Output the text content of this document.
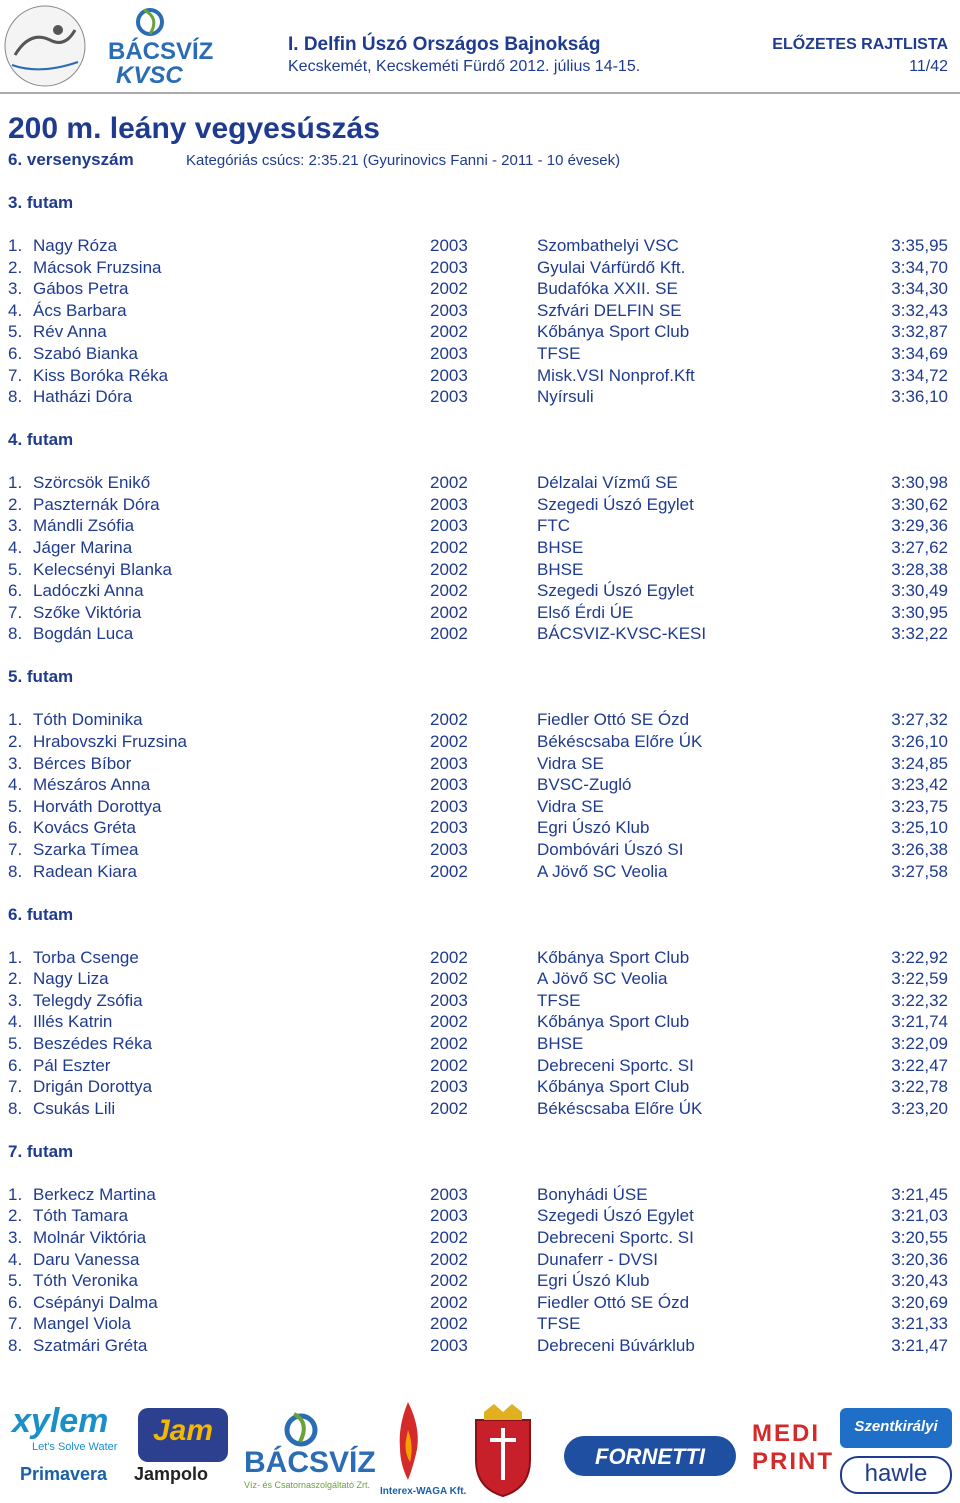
BÁCSVÍZ
KVSC
I. Delfin Úszó Országos Bajnokság	ELŐZETES RAJTLISTA
Kecskemét, Kecskeméti Fürdő 2012. július 14-15.	11/42
200 m. leány vegyesúszás
6. versenyszám	Kategóriás csúcs: 2:35.21 (Gyurinovics Fanni - 2011 - 10 évesek)
3. futam
1. Nagy Róza	2003	Szombathelyi VSC	3:35,95
2. Mácsok Fruzsina	2003	Gyulai Várfürdő Kft.	3:34,70
3. Gábos Petra	2002	Budafóka XXII. SE	3:34,30
4. Ács Barbara	2003	Szfvári DELFIN SE	3:32,43
5. Rév Anna	2002	Kőbánya Sport Club	3:32,87
6. Szabó Bianka	2003	TFSE	3:34,69
7. Kiss Boróka Réka	2003	Misk.VSI Nonprof.Kft	3:34,72
8. Hatházi Dóra	2003	Nyírsuli	3:36,10
4. futam
1. Szörcsök Enikő	2002	Délzalai Vízmű SE	3:30,98
2. Paszternák Dóra	2003	Szegedi Úszó Egylet	3:30,62
3. Mándli Zsófia	2003	FTC	3:29,36
4. Jáger Marina	2002	BHSE	3:27,62
5. Kelecsényi Blanka	2002	BHSE	3:28,38
6. Ladóczki Anna	2002	Szegedi Úszó Egylet	3:30,49
7. Szőke Viktória	2002	Első Érdi ÚE	3:30,95
8. Bogdán Luca	2002	BÁCSVIZ-KVSC-KESI	3:32,22
5. futam
1. Tóth Dominika	2002	Fiedler Ottó SE Ózd	3:27,32
2. Hrabovszki Fruzsina	2002	Békéscsaba Előre ÚK	3:26,10
3. Bérces Bíbor	2003	Vidra SE	3:24,85
4. Mészáros Anna	2003	BVSC-Zugló	3:23,42
5. Horváth Dorottya	2003	Vidra SE	3:23,75
6. Kovács Gréta	2003	Egri Úszó Klub	3:25,10
7. Szarka Tímea	2003	Dombóvári Úszó SI	3:26,38
8. Radean Kiara	2002	A Jövő SC Veolia	3:27,58
6. futam
1. Torba Csenge	2002	Kőbánya Sport Club	3:22,92
2. Nagy Liza	2002	A Jövő SC Veolia	3:22,59
3. Telegdy Zsófia	2003	TFSE	3:22,32
4. Illés Katrin	2002	Kőbánya Sport Club	3:21,74
5. Beszédes Réka	2002	BHSE	3:22,09
6. Pál Eszter	2002	Debreceni Sportc. SI	3:22,47
7. Drigán Dorottya	2003	Kőbánya Sport Club	3:22,78
8. Csukás Lili	2002	Békéscsaba Előre ÚK	3:23,20
7. futam
1. Berkecz Martina	2003	Bonyhádi ÚSE	3:21,45
2. Tóth Tamara	2003	Szegedi Úszó Egylet	3:21,03
3. Molnár Viktória	2002	Debreceni Sportc. SI	3:20,55
4. Daru Vanessa	2002	Dunaferr - DVSI	3:20,36
5. Tóth Veronika	2002	Egri Úszó Klub	3:20,43
6. Csépányi Dalma	2002	Fiedler Ottó SE Ózd	3:20,69
7. Mangel Viola	2002	TFSE	3:21,33
8. Szatmári Gréta	2003	Debreceni Búvárklub	3:21,47
xylem
Let's Solve Water
Primavera
Jam
Jampolo BÁCSVÍZ
Víz- és Csatornaszolgáltató Zrt.
Interex-WAGA Kft.
FORNETTI
MEDI
PRINT
Szentkirályi
hawle
